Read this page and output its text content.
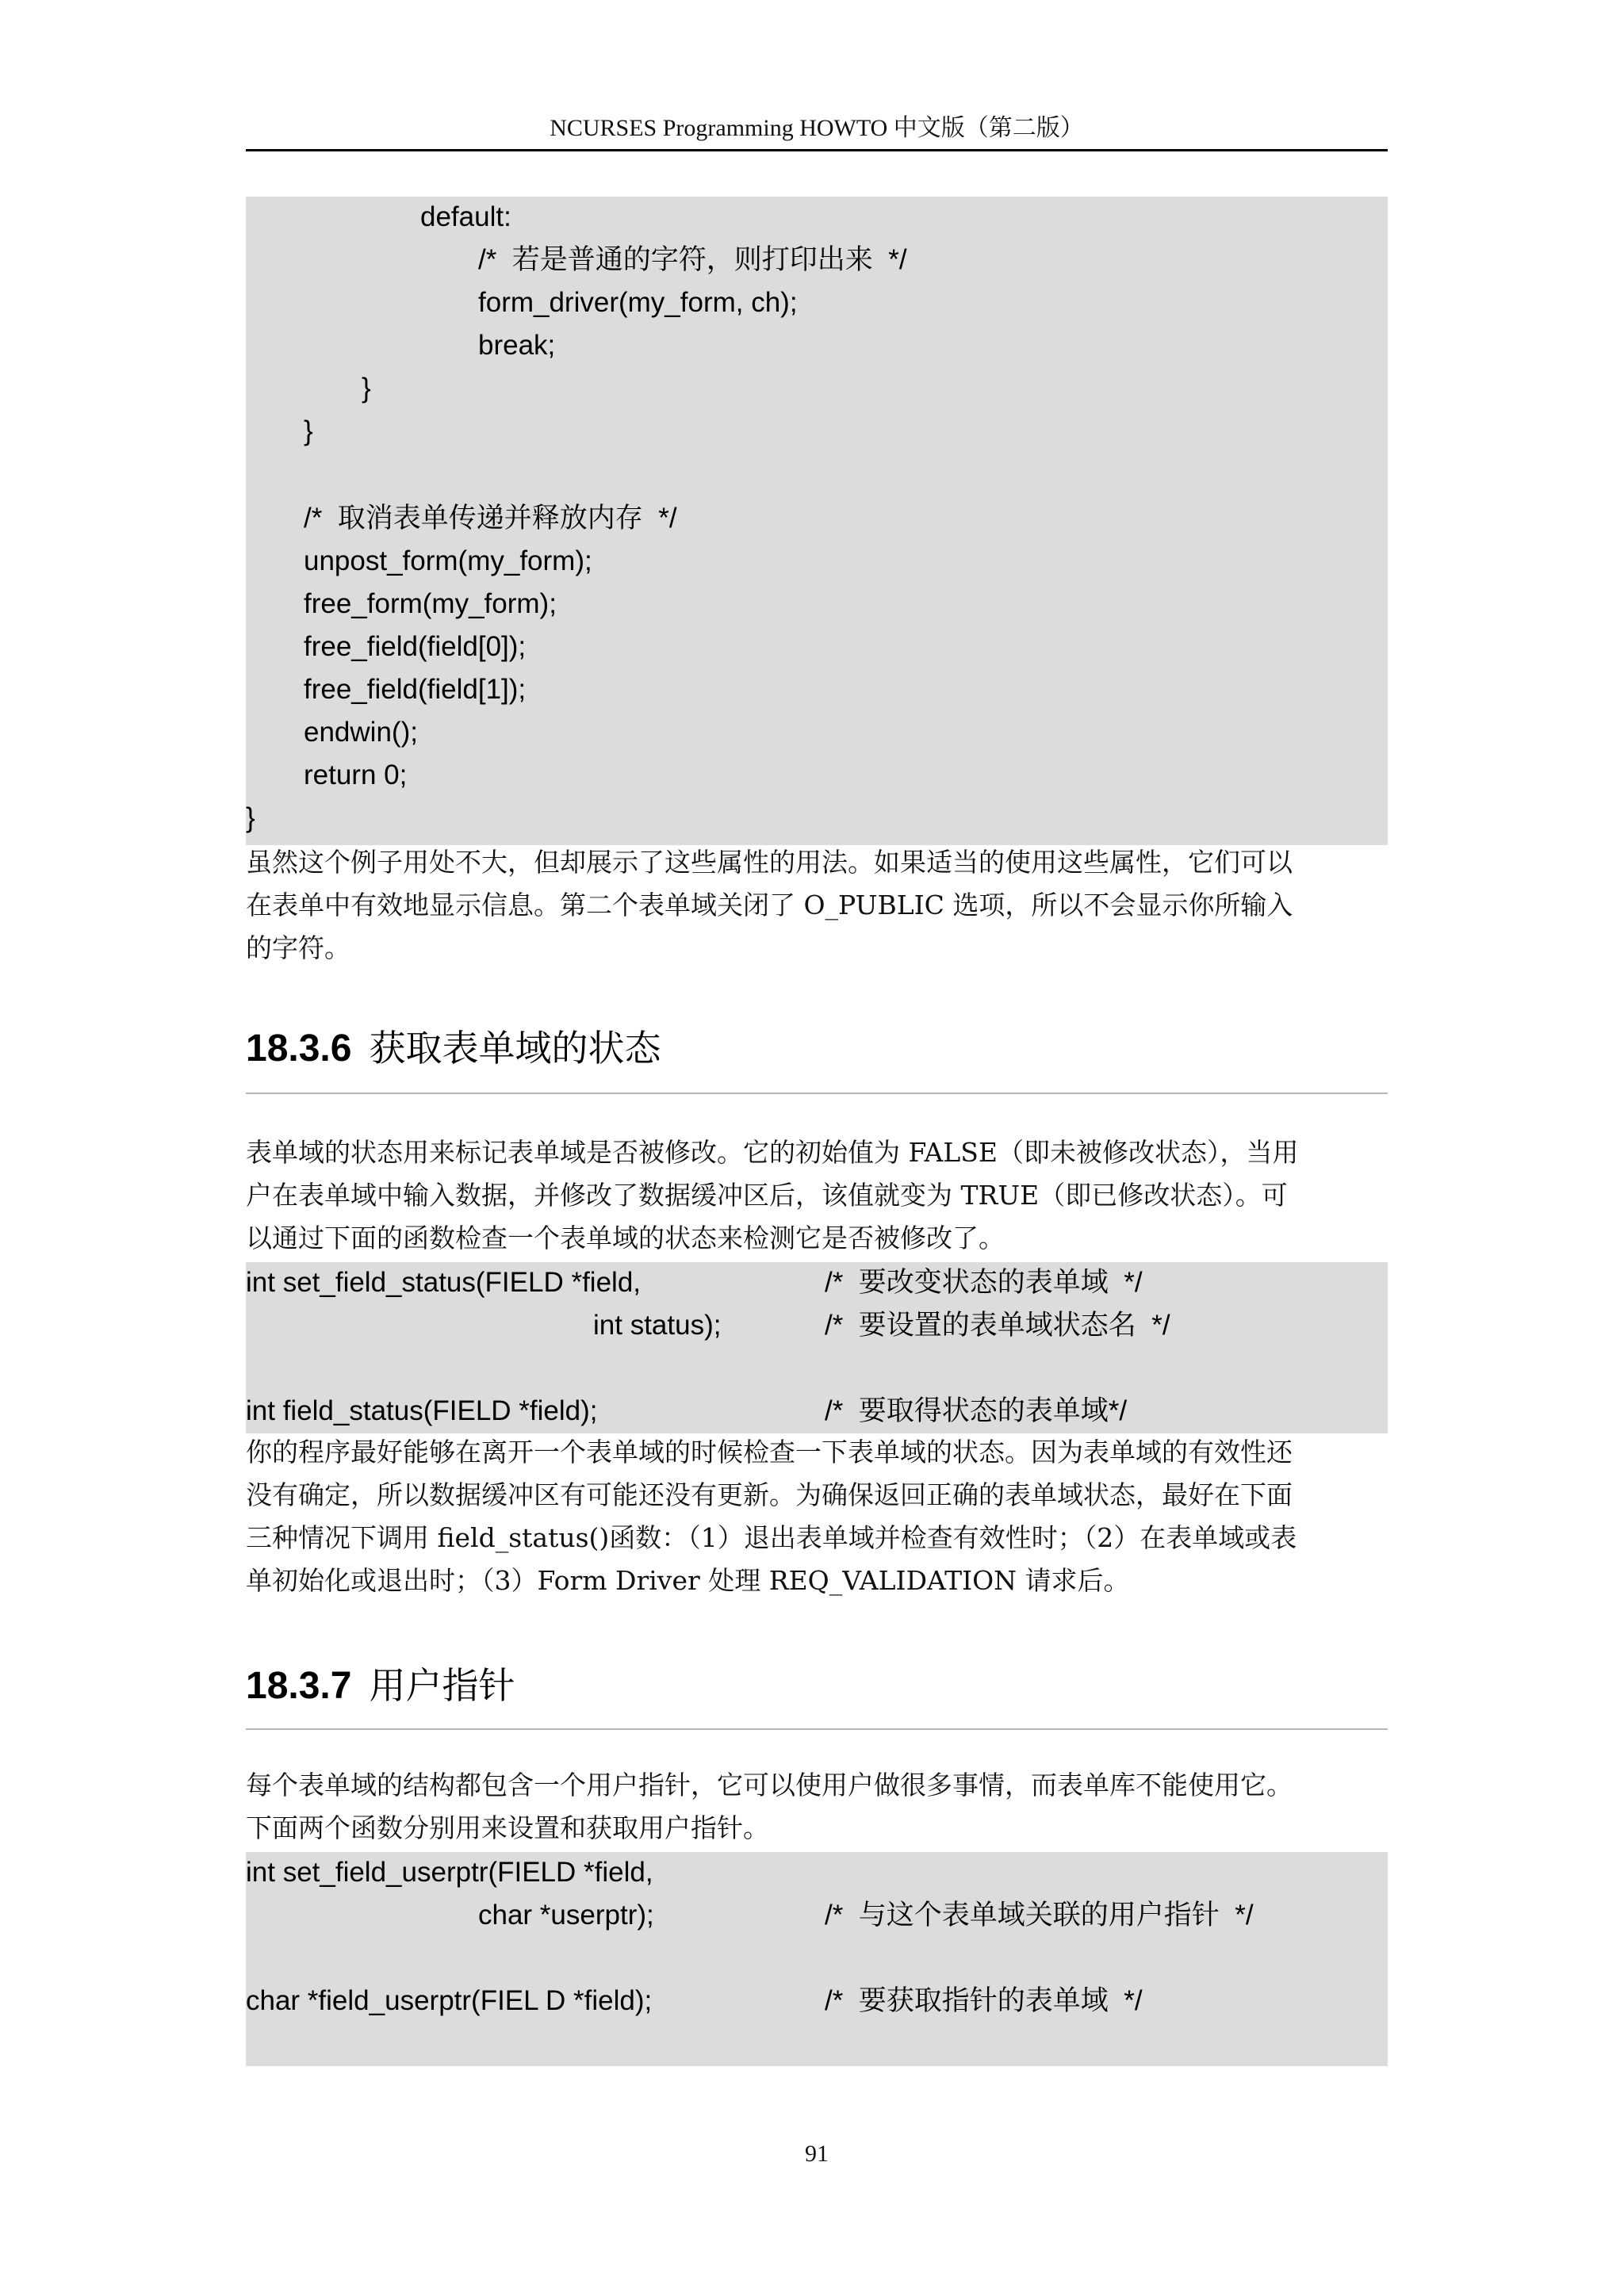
NCURSES Programming HOWTO 中文版（第二版）
default:
/*  若是普通的字符，则打印出来  */
form_driver(my_form, ch);
break;
}
}
/*  取消表单传递并释放内存  */
unpost_form(my_form);
free_form(my_form);
free_field(field[0]);
free_field(field[1]);
endwin();
return 0;
}
虽然这个例子用处不大，但却展示了这些属性的用法。如果适当的使用这些属性，它们可以
在表单中有效地显示信息。第二个表单域关闭了 O_PUBLIC 选项，所以不会显示你所输入
的字符。
18.3.6 获取表单域的状态
表单域的状态用来标记表单域是否被修改。它的初始值为 FALSE（即未被修改状态），当用
户在表单域中输入数据，并修改了数据缓冲区后，该值就变为 TRUE（即已修改状态）。可
以通过下面的函数检查一个表单域的状态来检测它是否被修改了。
int set_field_status(FIELD *field,	/*  要改变状态的表单域  */
int status);	/*  要设置的表单域状态名  */
int field_status(FIELD *field);	/*  要取得状态的表单域*/
你的程序最好能够在离开一个表单域的时候检查一下表单域的状态。因为表单域的有效性还
没有确定，所以数据缓冲区有可能还没有更新。为确保返回正确的表单域状态，最好在下面
三种情况下调用 field_status()函数：（1）退出表单域并检查有效性时；（2）在表单域或表
单初始化或退出时；（3）Form Driver 处理 REQ_VALIDATION 请求后。
18.3.7 用户指针
每个表单域的结构都包含一个用户指针，它可以使用户做很多事情，而表单库不能使用它。
下面两个函数分别用来设置和获取用户指针。
int set_field_userptr(FIELD *field,
char *userptr);	/*  与这个表单域关联的用户指针  */
char *field_userptr(FIEL D *field);	/*  要获取指针的表单域  */
91
